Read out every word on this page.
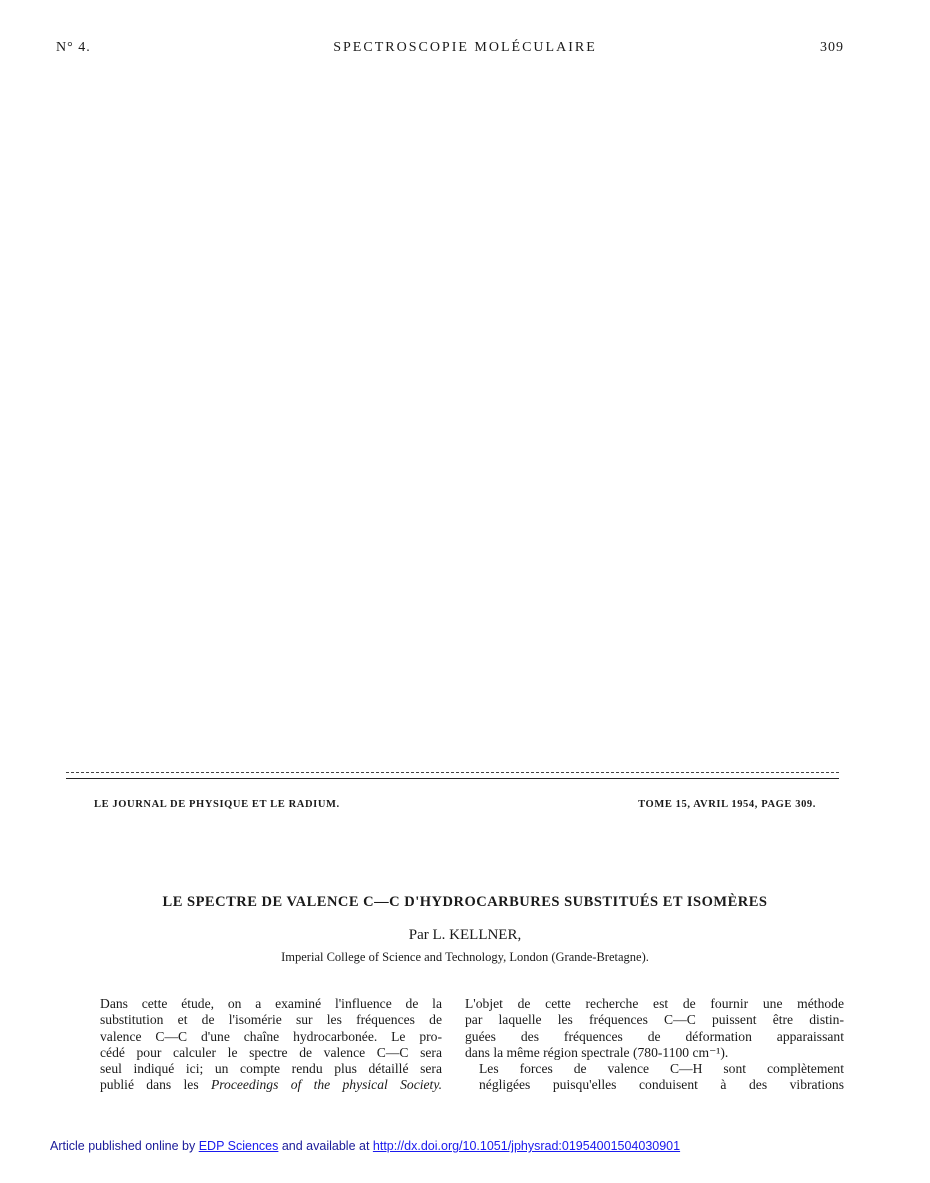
N° 4.	SPECTROSCOPIE MOLÉCULAIRE	309
LE JOURNAL DE PHYSIQUE ET LE RADIUM.	TOME 15, AVRIL 1954, PAGE 309.
LE SPECTRE DE VALENCE C—C D'HYDROCARBURES SUBSTITUÉS ET ISOMÈRES
Par L. KELLNER,
Imperial College of Science and Technology, London (Grande-Bretagne).

Dans cette étude, on a examiné l'influence de la
substitution et de l'isomérie sur les fréquences de
valence C—C d'une chaîne hydrocarbonée. Le pro-
cédé pour calculer le spectre de valence C—C sera
seul indiqué ici; un compte rendu plus détaillé sera
publié dans les Proceedings of the physical Society.

L'objet de cette recherche est de fournir une méthode
par laquelle les fréquences C—C puissent être distin-
guées des fréquences de déformation apparaissant
dans la même région spectrale (780-1100 cm⁻¹).

Les forces de valence C—H sont complètement
négligées puisqu'elles conduisent à des vibrations

Article published online by EDP Sciences and available at http://dx.doi.org/10.1051/jphysrad:01954001504030901
